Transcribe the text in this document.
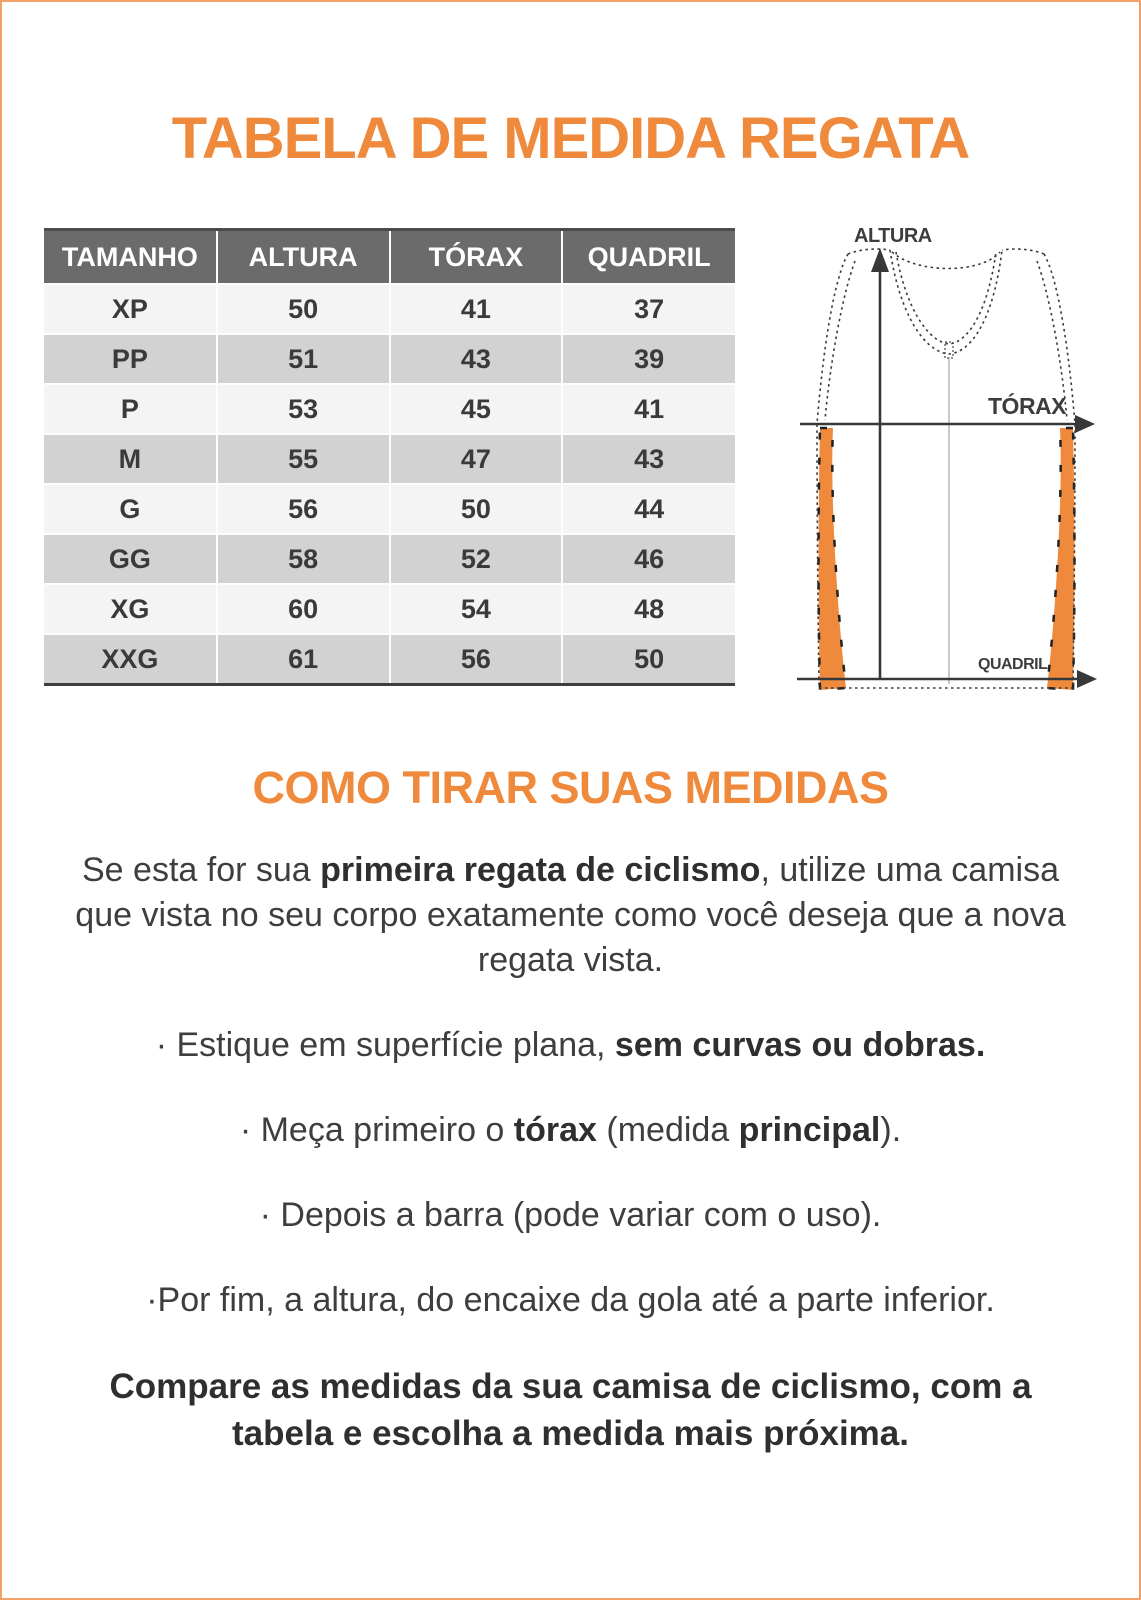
TABELA DE MEDIDA REGATA
TAMANHO	ALTURA	TÓRAX	QUADRIL
XP	50	41	37
PP	51	43	39
P	53	45	41
M	55	47	43
G	56	50	44
GG	58	52	46
XG	60	54	48
XXG	61	56	50
ALTURA
TÓRAX
QUADRIL
COMO TIRAR SUAS MEDIDAS

Se esta for sua primeira regata de ciclismo, utilize uma camisa que vista no seu corpo exatamente como você deseja que a nova regata vista.

· Estique em superfície plana, sem curvas ou dobras.

· Meça primeiro o tórax (medida principal).

· Depois a barra (pode variar com o uso).

·Por fim, a altura, do encaixe da gola até a parte inferior.

Compare as medidas da sua camisa de ciclismo, com a tabela e escolha a medida mais próxima.
